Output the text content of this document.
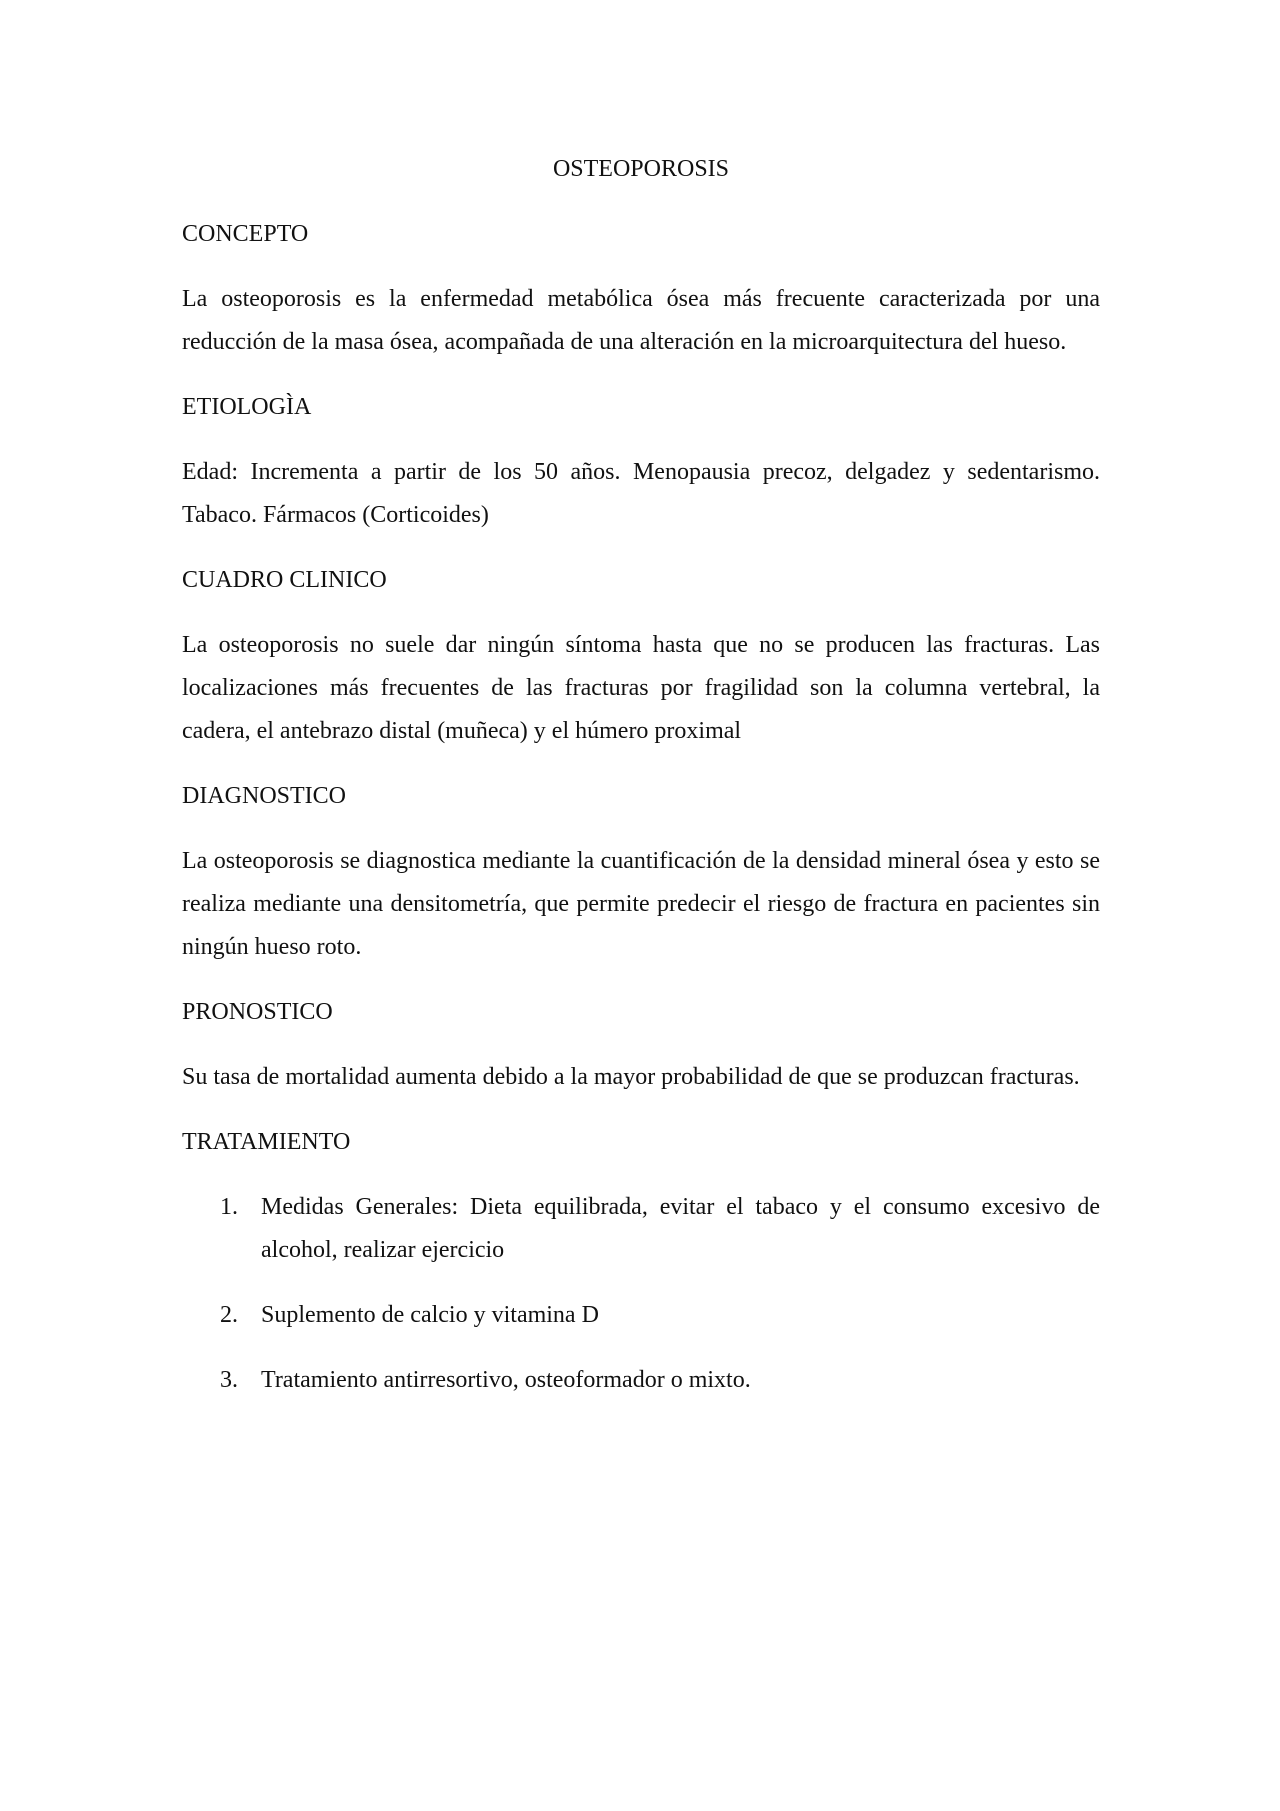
OSTEOPOROSIS
CONCEPTO

La osteoporosis es la enfermedad metabólica ósea más frecuente caracterizada por una reducción de la masa ósea, acompañada de una alteración en la microarquitectura del hueso.

ETIOLOGÌA

Edad: Incrementa a partir de los 50 años. Menopausia precoz, delgadez y sedentarismo. Tabaco. Fármacos (Corticoides)

CUADRO CLINICO

La osteoporosis no suele dar ningún síntoma hasta que no se producen las fracturas. Las localizaciones más frecuentes de las fracturas por fragilidad son la columna vertebral, la cadera, el antebrazo distal (muñeca) y el húmero proximal

DIAGNOSTICO

La osteoporosis se diagnostica mediante la cuantificación de la densidad mineral ósea y esto se realiza mediante una densitometría, que permite predecir el riesgo de fractura en pacientes sin ningún hueso roto.

PRONOSTICO

Su tasa de mortalidad aumenta debido a la mayor probabilidad de que se produzcan fracturas.

TRATAMIENTO
1. Medidas Generales: Dieta equilibrada, evitar el tabaco y el consumo excesivo de alcohol, realizar ejercicio
2. Suplemento de calcio y vitamina D
3. Tratamiento antirresortivo, osteoformador o mixto.
